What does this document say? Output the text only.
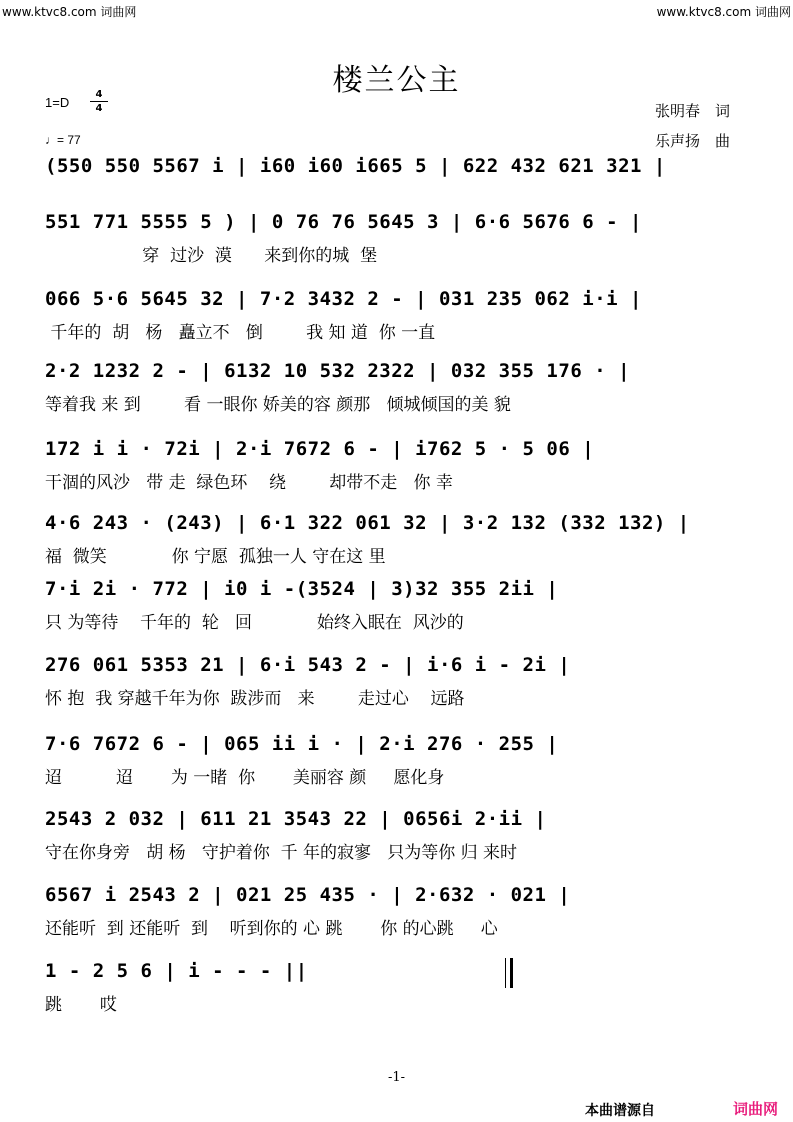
www.ktvc8.com 词曲网	www.ktvc8.com 词曲网
楼兰公主
1=D
4
4
♩= 77
张明春　词
乐声扬　曲
(550 550 5567 i | i60 i60 i665 5 | 622 432 621 321 |
551 771 5555 5 ) | 0 76 76 5645 3 | 6·6 5676 6 - |
穿  过沙  漠      来到你的城  堡
066 5·6 5645 32 | 7·2 3432 2 - | 031 235 062 i·i |
千年的  胡   杨   矗立不   倒        我 知 道  你 一直
2·2 1232 2 - | 6132 10 532 2322 | 032 355 176 · |
等着我 来 到        看 一眼你 娇美的容 颜那   倾城倾国的美 貌
172 i i · 72i | 2·i 7672 6 - | i762 5 · 5 06 |
干涸的风沙   带 走  绿色环    绕        却带不走   你 幸
4·6 243 · (243) | 6·1 322 061 32 | 3·2 132 (332 132) |
福  微笑            你 宁愿  孤独一人 守在这 里
7·i 2i · 772 | i0 i -(3524 | 3)32 355 2ii |
只 为等待    千年的  轮   回            始终入眠在  风沙的
276 061 5353 21 | 6·i 543 2 - | i·6 i - 2i |
怀 抱  我 穿越千年为你  跋涉而   来        走过心    远路
7·6 7672 6 - | 065 ii i · | 2·i 276 · 255 |
迢          迢       为 一睹  你       美丽容 颜     愿化身
2543 2 032 | 611 21 3543 22 | 0656i 2·ii |
守在你身旁   胡 杨   守护着你  千 年的寂寥   只为等你 归 来时
6567 i 2543 2 | 021 25 435 · | 2·632 · 021 |
还能听  到 还能听  到    听到你的 心 跳       你 的心跳     心
1 - 2 5 6 | i - - - ||
跳       哎
-1-
本曲谱源自	词曲网
